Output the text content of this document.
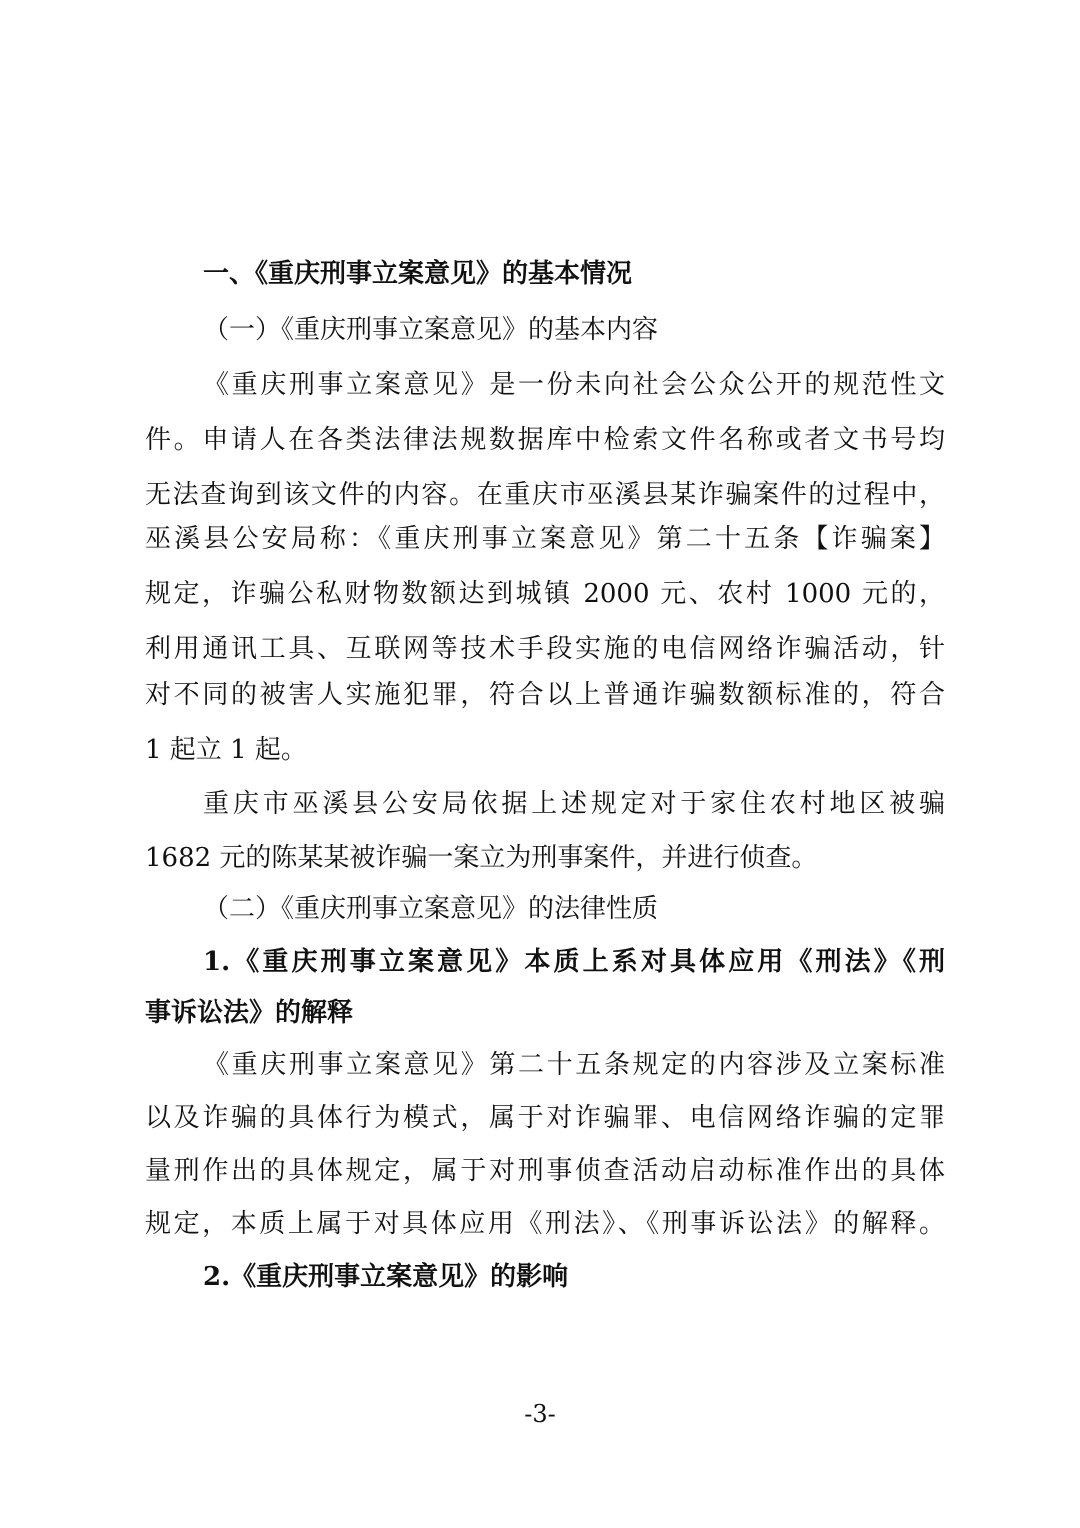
一、《重庆刑事立案意见》的基本情况
（一）《重庆刑事立案意见》的基本内容
《重庆刑事立案意见》是一份未向社会公众公开的规范性文
件。申请人在各类法律法规数据库中检索文件名称或者文书号均
无法查询到该文件的内容。在重庆市巫溪县某诈骗案件的过程中，
巫溪县公安局称：《重庆刑事立案意见》第二十五条【诈骗案】
规定，诈骗公私财物数额达到城镇 2000 元、农村 1000 元的，
利用通讯工具、互联网等技术手段实施的电信网络诈骗活动，针
对不同的被害人实施犯罪，符合以上普通诈骗数额标准的，符合
1 起立 1 起。
重庆市巫溪县公安局依据上述规定对于家住农村地区被骗
1682 元的陈某某被诈骗一案立为刑事案件，并进行侦查。
（二）《重庆刑事立案意见》的法律性质
1.《重庆刑事立案意见》本质上系对具体应用《刑法》《刑
事诉讼法》的解释
《重庆刑事立案意见》第二十五条规定的内容涉及立案标准
以及诈骗的具体行为模式，属于对诈骗罪、电信网络诈骗的定罪
量刑作出的具体规定，属于对刑事侦查活动启动标准作出的具体
规定，本质上属于对具体应用《刑法》、《刑事诉讼法》的解释。
2.《重庆刑事立案意见》的影响
-3-
